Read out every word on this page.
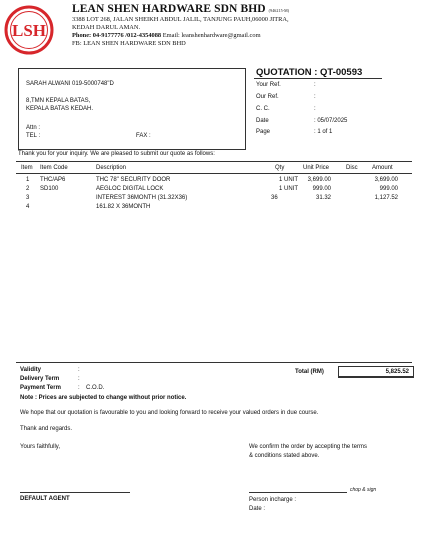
LSH
LEAN SHEN HARDWARE SDN BHD (946215-M)
3388 LOT 268, JALAN SHEIKH ABDUL JALIL, TANJUNG PAUH,06000 JITRA,
KEDAH DARUL AMAN.
Phone: 04-9177776 /012-4354088 Email: leanshenhardware@gmail.com
FB: LEAN SHEN HARDWARE SDN BHD
SARAH ALWANI 019-5000748"D
8,TMN KEPALA BATAS,
KEPALA BATAS KEDAH.
Attn :
TEL :	FAX :
QUOTATION : QT-00593
Your Ref.	:
Our Ref.	:
C. C.	:
Date	: 05/07/2025
Page	: 1 of 1
Thank you for your inquiry. We are pleased to submit our quote as follows:
Item Item Code	Description	Qty	Unit Price	Disc Amount
1 THC/AP6	THC 78" SECURITY DOOR	1 UNIT	3,699.00	3,699.00
2 SD100	AEGLOC DIGITAL LOCK	1 UNIT	999.00	999.00
3	INTEREST 36MONTH (31.32X36)	36	31.32	1,127.52
4	161.82 X 36MONTH
Validity	:
Delivery Term	:
Payment Term	: C.O.D.
Total (RM)	5,825.52
Note : Prices are subjected to change without prior notice.
We hope that our quotation is favourable to you and looking forward to receive your valued orders in due course.
Thank and regards.
Yours faithfully,	We confirm the order by accepting the terms
& conditions stated above.
DEFAULT AGENT
chop & sign
Person incharge :
Date :
